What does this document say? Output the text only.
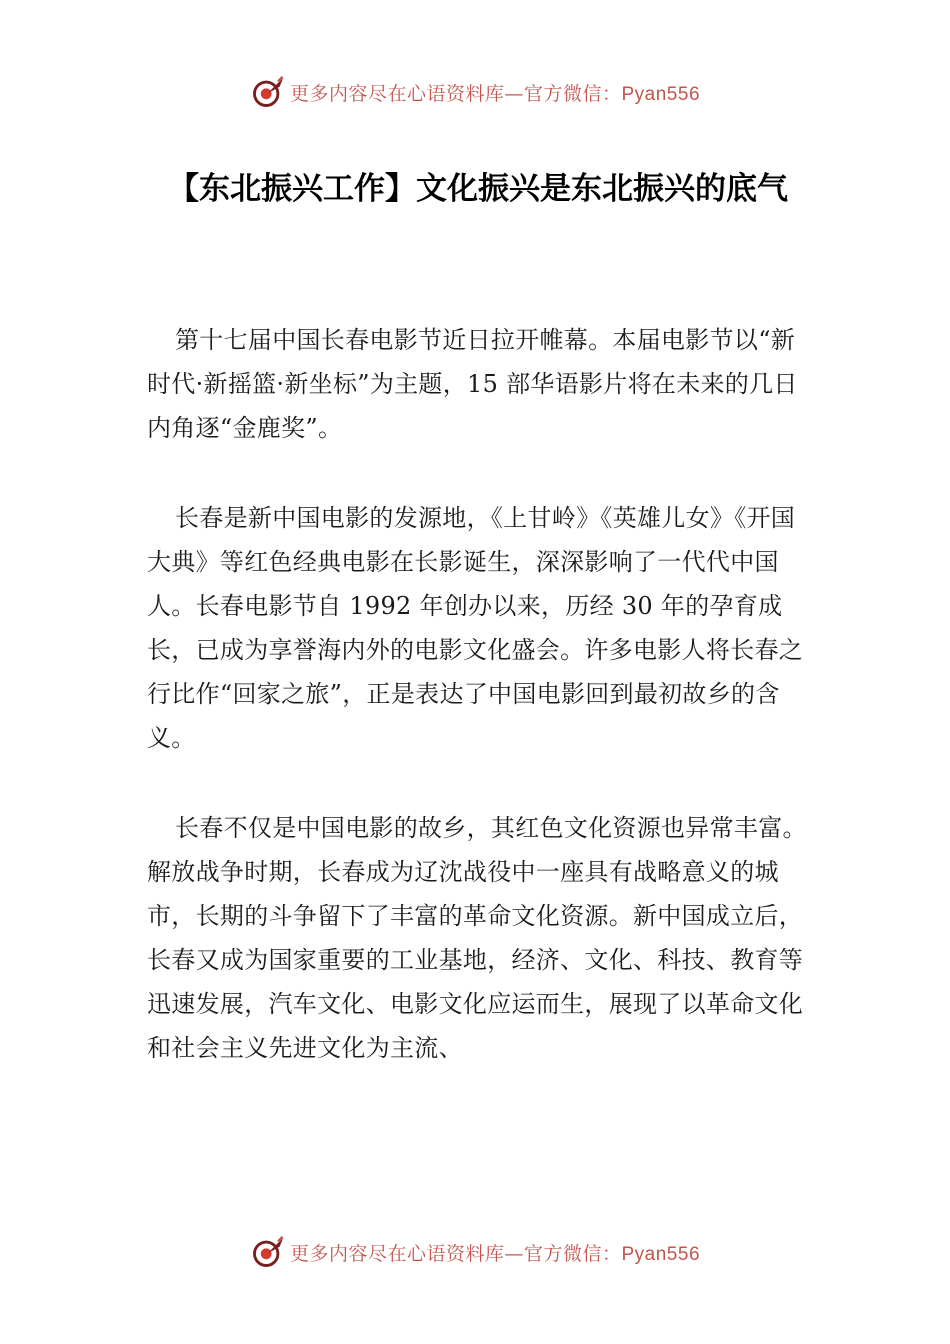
更多内容尽在心语资料库—官方微信：Pyan556
【东北振兴工作】文化振兴是东北振兴的底气

第十七届中国长春电影节近日拉开帷幕。本届电影节以“新时代·新摇篮·新坐标”为主题，15 部华语影片将在未来的几日内角逐“金鹿奖”。

长春是新中国电影的发源地，《上甘岭》《英雄儿女》《开国大典》等红色经典电影在长影诞生，深深影响了一代代中国人。长春电影节自 1992 年创办以来，历经 30 年的孕育成长，已成为享誉海内外的电影文化盛会。许多电影人将长春之行比作“回家之旅”，正是表达了中国电影回到最初故乡的含义。

长春不仅是中国电影的故乡，其红色文化资源也异常丰富。解放战争时期，长春成为辽沈战役中一座具有战略意义的城市，长期的斗争留下了丰富的革命文化资源。新中国成立后，长春又成为国家重要的工业基地，经济、文化、科技、教育等迅速发展，汽车文化、电影文化应运而生，展现了以革命文化和社会主义先进文化为主流、

更多内容尽在心语资料库—官方微信：Pyan556
